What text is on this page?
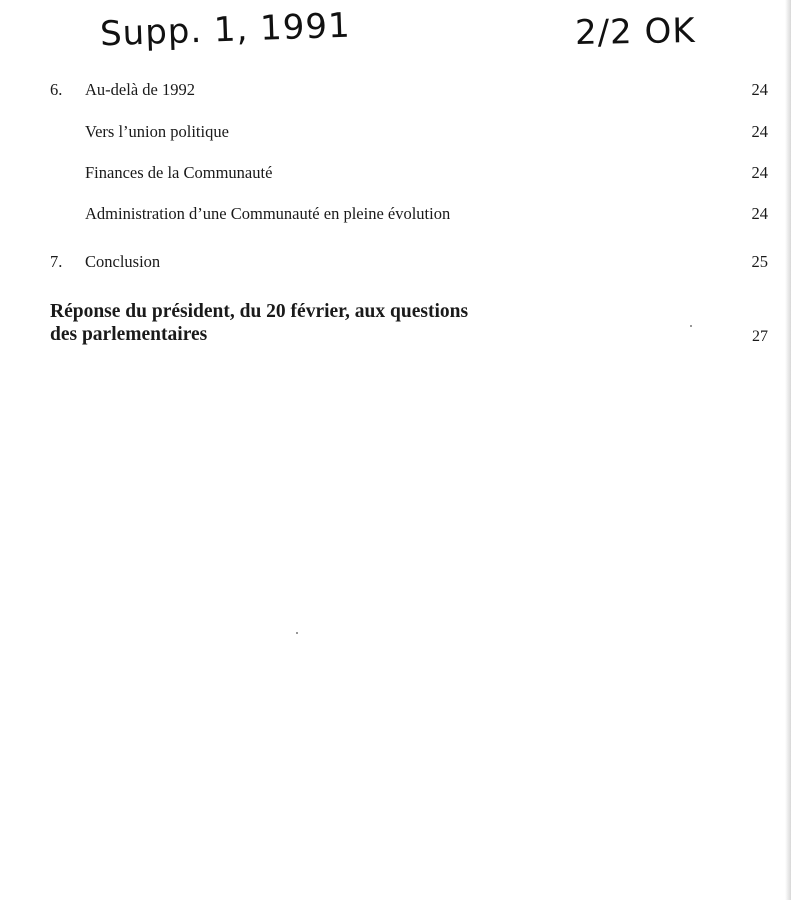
Supp. 1, 1991	2/2 OK
6.	Au-delà de 1992	24
Vers l’union politique	24
Finances de la Communauté	24
Administration d’une Communauté en pleine évolution	24
7.	Conclusion	25
Réponse du président, du 20 février, aux questions
des parlementaires	27
